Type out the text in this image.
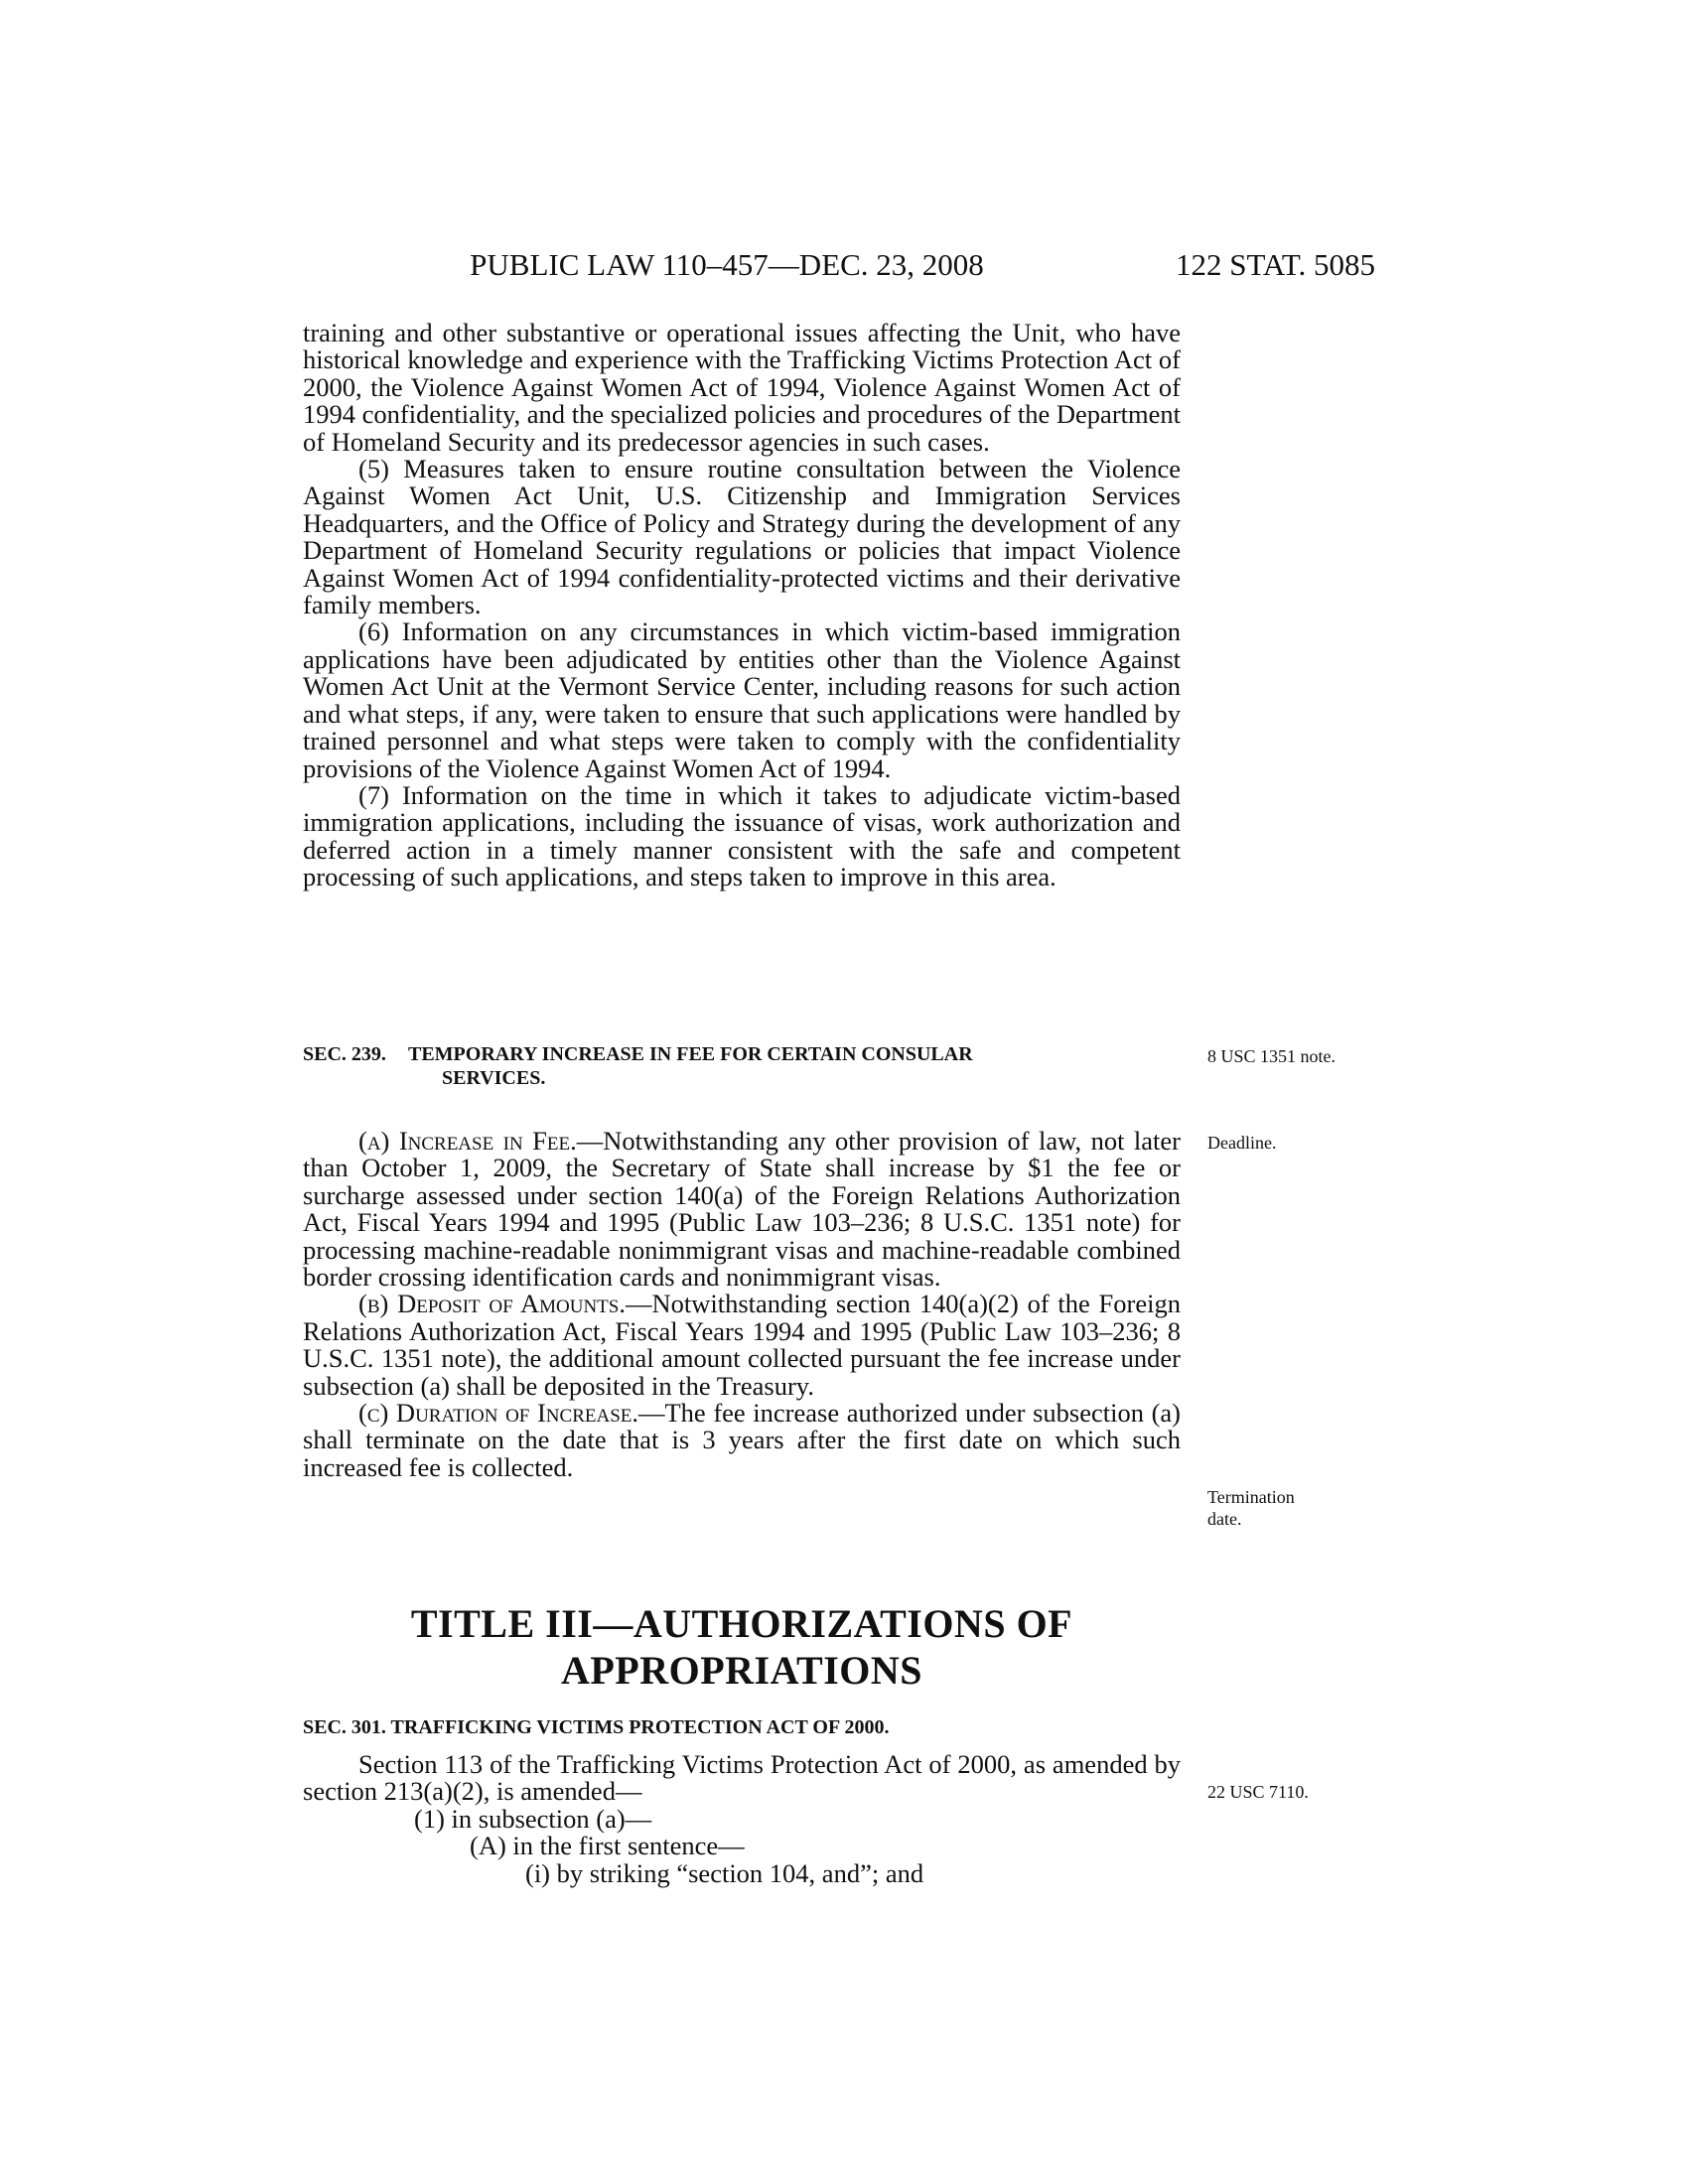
PUBLIC LAW 110–457—DEC. 23, 2008	122 STAT. 5085

training and other substantive or operational issues affecting the Unit, who have historical knowledge and experience with the Trafficking Victims Protection Act of 2000, the Violence Against Women Act of 1994, Violence Against Women Act of 1994 confidentiality, and the specialized policies and procedures of the Department of Homeland Security and its predecessor agencies in such cases.

(5) Measures taken to ensure routine consultation between the Violence Against Women Act Unit, U.S. Citizenship and Immigration Services Headquarters, and the Office of Policy and Strategy during the development of any Department of Homeland Security regulations or policies that impact Violence Against Women Act of 1994 confidentiality-protected victims and their derivative family members.

(6) Information on any circumstances in which victim-based immigration applications have been adjudicated by entities other than the Violence Against Women Act Unit at the Vermont Service Center, including reasons for such action and what steps, if any, were taken to ensure that such applications were handled by trained personnel and what steps were taken to comply with the confidentiality provisions of the Violence Against Women Act of 1994.

(7) Information on the time in which it takes to adjudicate victim-based immigration applications, including the issuance of visas, work authorization and deferred action in a timely manner consistent with the safe and competent processing of such applications, and steps taken to improve in this area.

SEC. 239. TEMPORARY INCREASE IN FEE FOR CERTAIN CONSULAR
SERVICES.
8 USC 1351 note.

(a) Increase in Fee.—Notwithstanding any other provision of law, not later than October 1, 2009, the Secretary of State shall increase by $1 the fee or surcharge assessed under section 140(a) of the Foreign Relations Authorization Act, Fiscal Years 1994 and 1995 (Public Law 103–236; 8 U.S.C. 1351 note) for processing machine-readable nonimmigrant visas and machine-readable combined border crossing identification cards and nonimmigrant visas.

(b) Deposit of Amounts.—Notwithstanding section 140(a)(2) of the Foreign Relations Authorization Act, Fiscal Years 1994 and 1995 (Public Law 103–236; 8 U.S.C. 1351 note), the additional amount collected pursuant the fee increase under subsection (a) shall be deposited in the Treasury.

(c) Duration of Increase.—The fee increase authorized under subsection (a) shall terminate on the date that is 3 years after the first date on which such increased fee is collected.

Deadline.
Termination
date.
TITLE III—AUTHORIZATIONS OF
APPROPRIATIONS
SEC. 301. TRAFFICKING VICTIMS PROTECTION ACT OF 2000.

Section 113 of the Trafficking Victims Protection Act of 2000, as amended by section 213(a)(2), is amended—

(1) in subsection (a)—

(A) in the first sentence—

(i) by striking “section 104, and”; and

22 USC 7110.
